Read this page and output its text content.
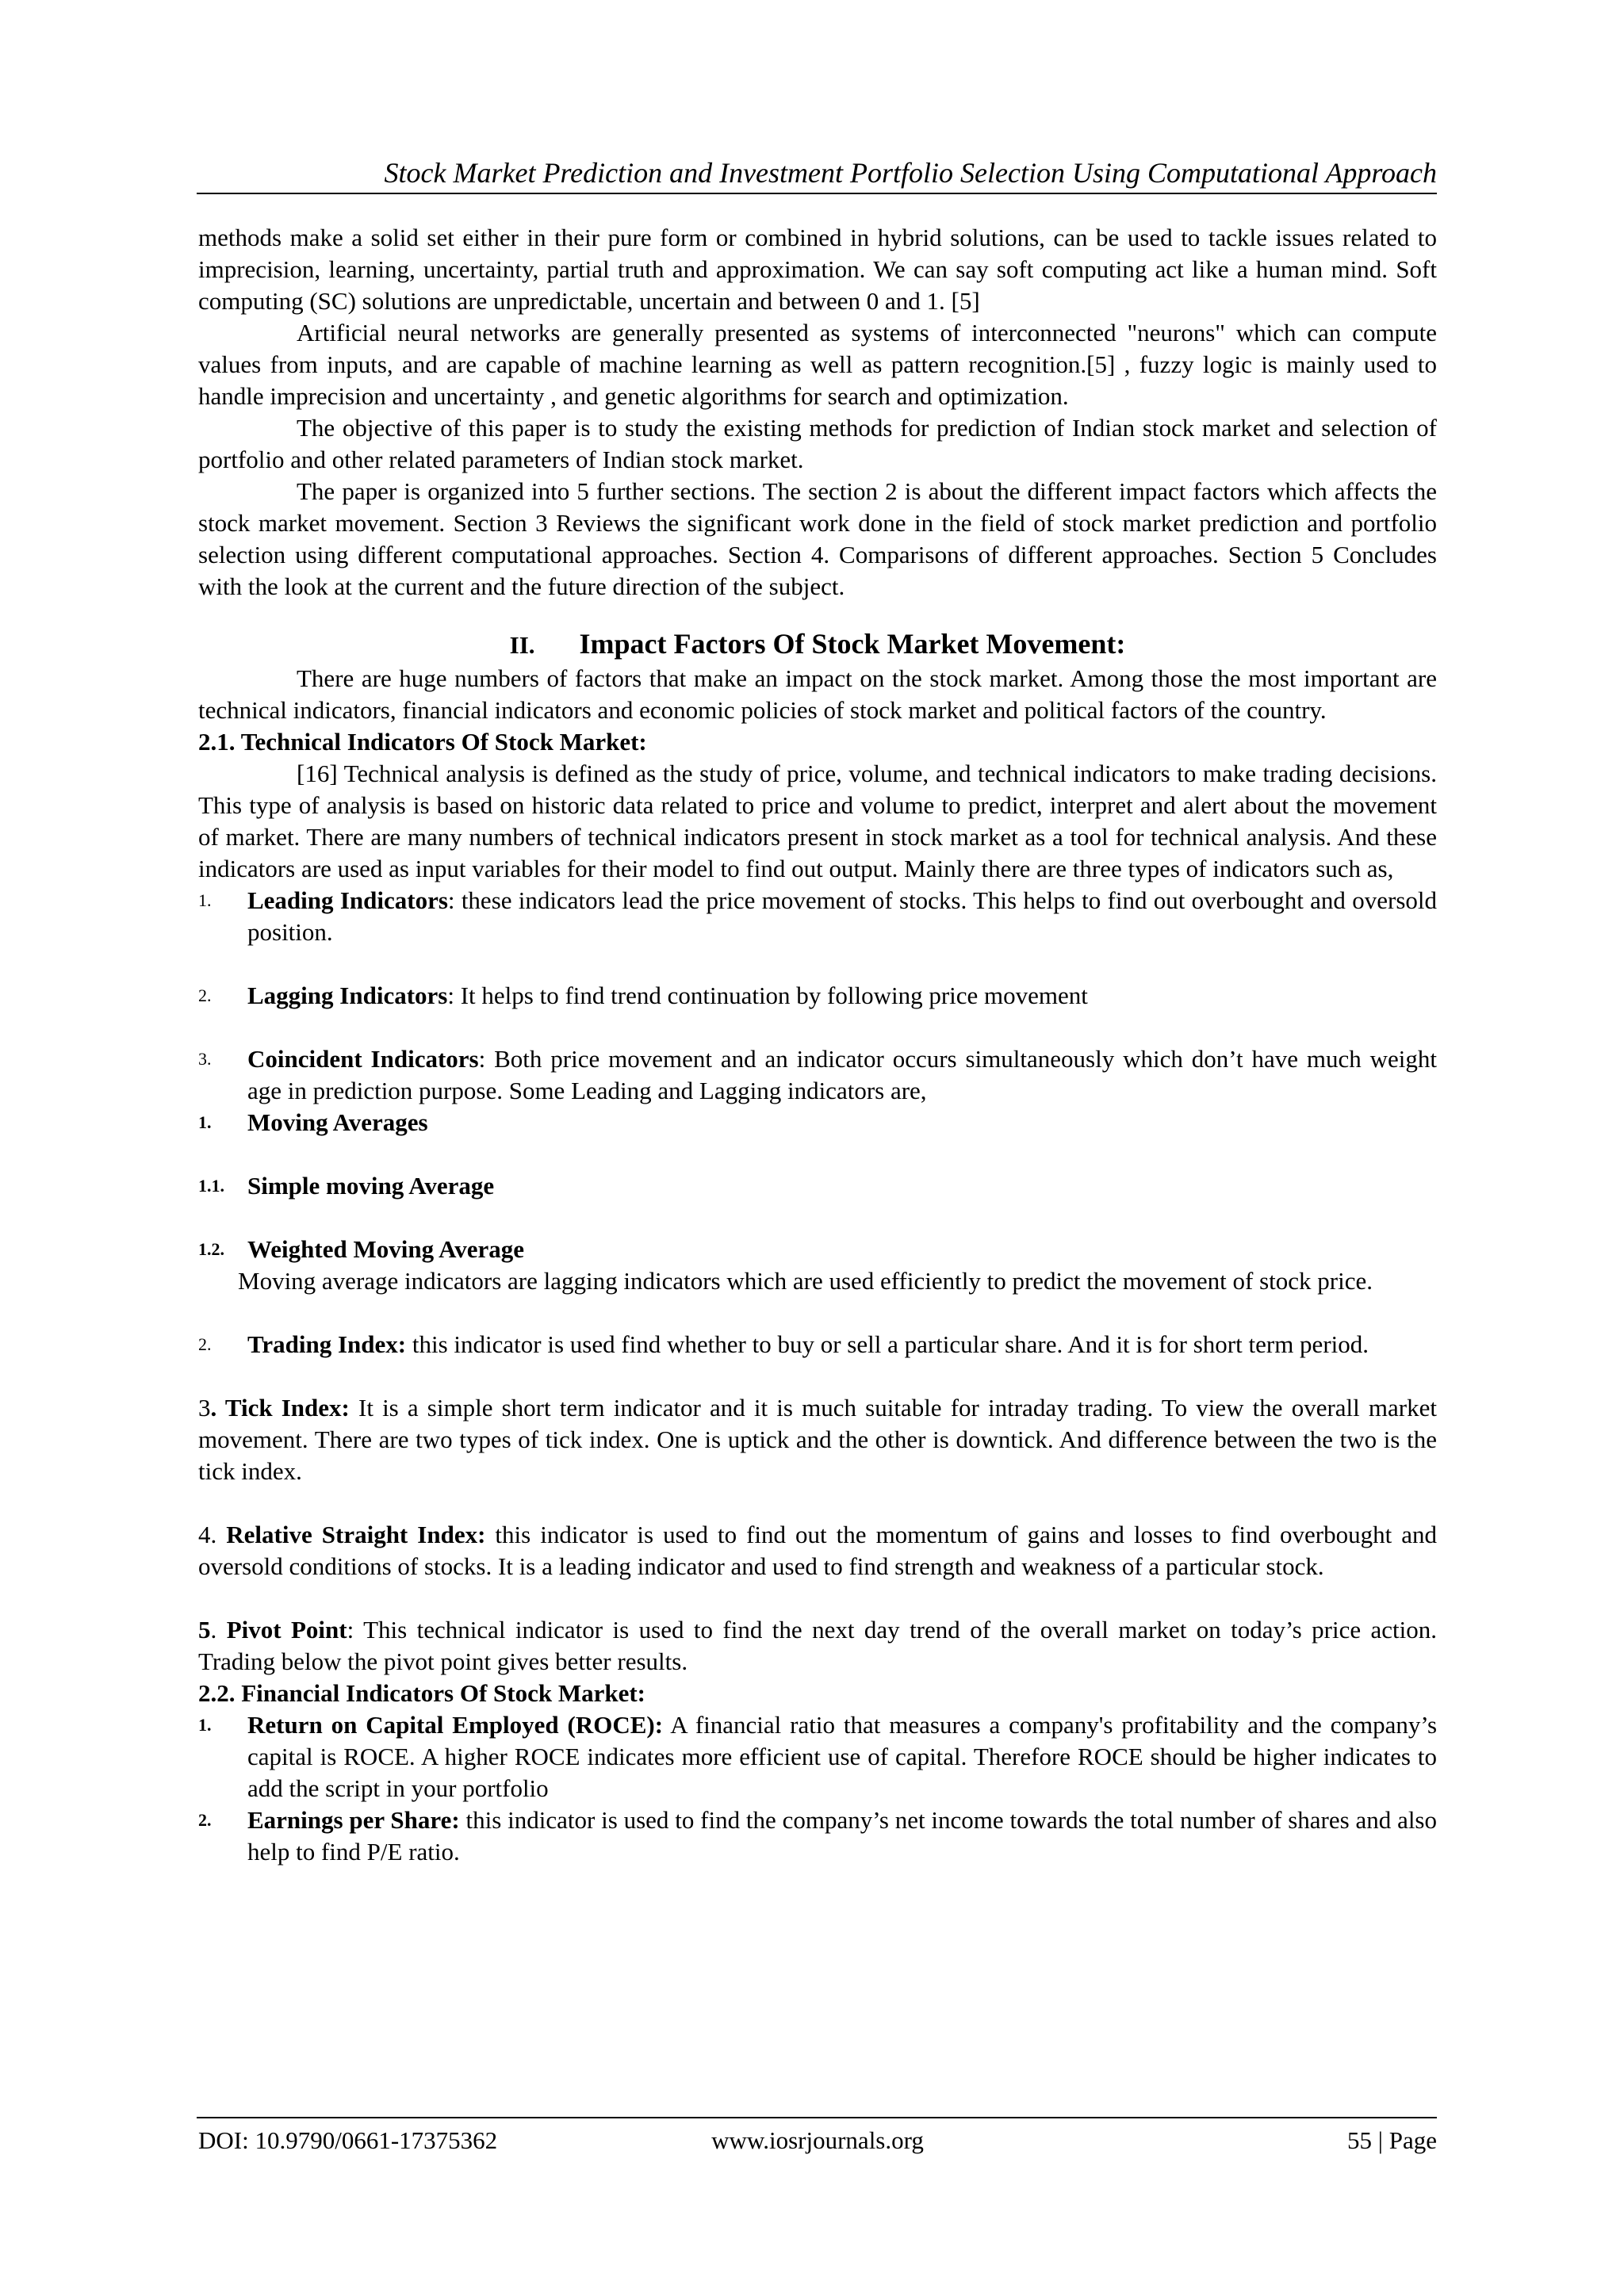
Stock Market Prediction and Investment Portfolio Selection Using Computational Approach

methods make a solid set either in their pure form or combined in hybrid solutions, can be used to tackle issues related to imprecision, learning, uncertainty, partial truth and approximation. We can say soft computing act like a human mind. Soft computing (SC) solutions are unpredictable, uncertain and between 0 and 1. [5]

Artificial neural networks are generally presented as systems of interconnected "neurons" which can compute values from inputs, and are capable of machine learning as well as pattern recognition.[5] , fuzzy logic is mainly used to handle imprecision and uncertainty , and genetic algorithms for search and optimization.

The objective of this paper is to study the existing methods for prediction of Indian stock market and selection of portfolio and other related parameters of Indian stock market.

The paper is organized into 5 further sections. The section 2 is about the different impact factors which affects the stock market movement. Section 3 Reviews the significant work done in the field of stock market prediction and portfolio selection using different computational approaches. Section 4. Comparisons of different approaches. Section 5 Concludes with the look at the current and the future direction of the subject.

II. Impact Factors Of Stock Market Movement:

There are huge numbers of factors that make an impact on the stock market. Among those the most important are technical indicators, financial indicators and economic policies of stock market and political factors of the country.

2.1. Technical Indicators Of Stock Market:

[16] Technical analysis is defined as the study of price, volume, and technical indicators to make trading decisions. This type of analysis is based on historic data related to price and volume to predict, interpret and alert about the movement of market. There are many numbers of technical indicators present in stock market as a tool for technical analysis. And these indicators are used as input variables for their model to find out output. Mainly there are three types of indicators such as,

1.	Leading Indicators: these indicators lead the price movement of stocks. This helps to find out overbought and oversold position.
2.	Lagging Indicators: It helps to find trend continuation by following price movement
3.	Coincident Indicators: Both price movement and an indicator occurs simultaneously which don’t have much weight age in prediction purpose. Some Leading and Lagging indicators are,
1.	Moving Averages
1.1. Simple moving Average
1.2. Weighted Moving Average

Moving average indicators are lagging indicators which are used efficiently to predict the movement of stock price.

2.	Trading Index: this indicator is used find whether to buy or sell a particular share. And it is for short term period.

3. Tick Index: It is a simple short term indicator and it is much suitable for intraday trading. To view the overall market movement. There are two types of tick index. One is uptick and the other is downtick. And difference between the two is the tick index.

4. Relative Straight Index: this indicator is used to find out the momentum of gains and losses to find overbought and oversold conditions of stocks. It is a leading indicator and used to find strength and weakness of a particular stock.

5. Pivot Point: This technical indicator is used to find the next day trend of the overall market on today’s price action. Trading below the pivot point gives better results.

2.2. Financial Indicators Of Stock Market:

1.	Return on Capital Employed (ROCE): A financial ratio that measures a company's profitability and the company’s capital is ROCE. A higher ROCE indicates more efficient use of capital. Therefore ROCE should be higher indicates to add the script in your portfolio
2.	Earnings per Share: this indicator is used to find the company’s net income towards the total number of shares and also help to find P/E ratio.
DOI: 10.9790/0661-17375362	www.iosrjournals.org	55 | Page
